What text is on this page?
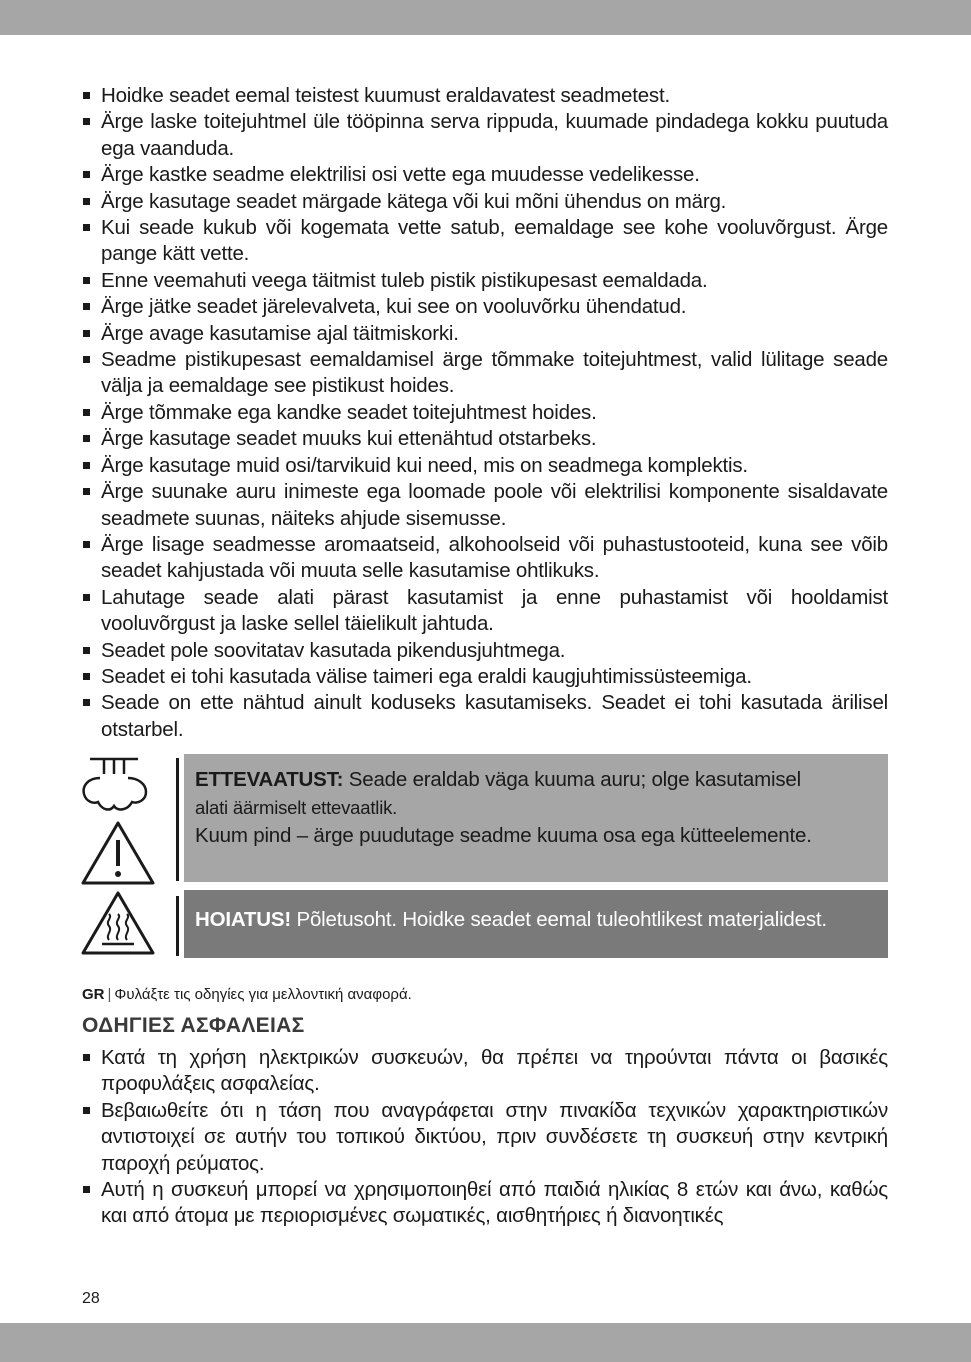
Hoidke seadet eemal teistest kuumust eraldavatest seadmetest.
Ärge laske toitejuhtmel üle tööpinna serva rippuda, kuumade pindadega kokku puutuda ega vaanduda.
Ärge kastke seadme elektrilisi osi vette ega muudesse vedelikesse.
Ärge kasutage seadet märgade kätega või kui mõni ühendus on märg.
Kui seade kukub või kogemata vette satub, eemaldage see kohe vooluvõrgust. Ärge pange kätt vette.
Enne veemahuti veega täitmist tuleb pistik pistikupesast eemaldada.
Ärge jätke seadet järelevalveta, kui see on vooluvõrku ühendatud.
Ärge avage kasutamise ajal täitmiskorki.
Seadme pistikupesast eemaldamisel ärge tõmmake toitejuhtmest, valid lülitage seade välja ja eemaldage see pistikust hoides.
Ärge tõmmake ega kandke seadet toitejuhtmest hoides.
Ärge kasutage seadet muuks kui ettenähtud otstarbeks.
Ärge kasutage muid osi/tarvikuid kui need, mis on seadmega komplektis.
Ärge suunake auru inimeste ega loomade poole või elektrilisi komponente sisaldavate seadmete suunas, näiteks ahjude sisemusse.
Ärge lisage seadmesse aromaatseid, alkohoolseid või puhastustooteid, kuna see võib seadet kahjustada või muuta selle kasutamise ohtlikuks.
Lahutage seade alati pärast kasutamist ja enne puhastamist või hooldamist vooluvõrgust ja laske sellel täielikult jahtuda.
Seadet pole soovitatav kasutada pikendusjuhtmega.
Seadet ei tohi kasutada välise taimeri ega eraldi kaugjuhtimissüsteemiga.
Seade on ette nähtud ainult koduseks kasutamiseks. Seadet ei tohi kasutada ärilisel otstarbel.

ETTEVAATUST: Seade eraldab väga kuuma auru; olge kasutamisel

alati äärmiselt ettevaatlik.

Kuum pind – ärge puudutage seadme kuuma osa ega kütteelemente.

HOIATUS! Põletusoht. Hoidke seadet eemal tuleohtlikest materjalidest.

GR | Φυλάξτε τις οδηγίες για μελλοντική αναφορά.
ΟΔΗΓΙΕΣ ΑΣΦΑΛΕΙΑΣ
Κατά τη χρήση ηλεκτρικών συσκευών, θα πρέπει να τηρούνται πάντα οι βασικές προφυλάξεις ασφαλείας.
Βεβαιωθείτε ότι η τάση που αναγράφεται στην πινακίδα τεχνικών χαρακτηριστικών αντιστοιχεί σε αυτήν του τοπικού δικτύου, πριν συνδέσετε τη συσκευή στην κεντρική παροχή ρεύματος.
Αυτή η συσκευή μπορεί να χρησιμοποιηθεί από παιδιά ηλικίας 8 ετών και άνω, καθώς και από άτομα με περιορισμένες σωματικές, αισθητήριες ή διανοητικές
28
